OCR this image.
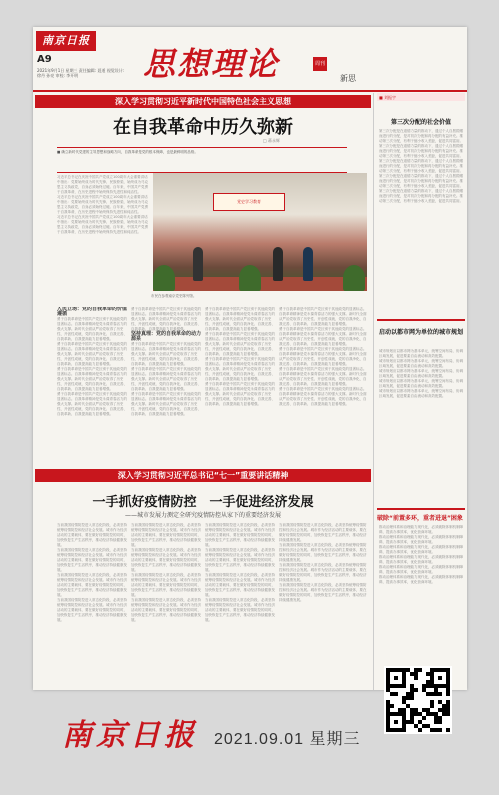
南京日报
A9
2021年9月1日 星期三 责任编辑: 聂道 视觉设计: 徐丹 孙亮 审校: 李开明	思想理论	周刊
新思
深入学习贯彻习近平新时代中国特色社会主义思想
在自我革命中历久弥新
□ 蒋永辉

■ 确立新时代党建的主导思想和战略方向，自我革命是党的根本保障，也是最鲜明的品格。

习近平总书记在庆祝中国共产党成立100周年大会重要讲话中指出：党要始终成为时代先锋、民族脊梁，始终成为马克思主义执政党，自身必须始终过硬。百年来，中国共产党勇于自我革命，在历史进程中始终保持先进性和纯洁性。

习近平总书记在庆祝中国共产党成立100周年大会重要讲话中指出：党要始终成为时代先锋、民族脊梁，始终成为马克思主义执政党，自身必须始终过硬。百年来，中国共产党勇于自我革命，在历史进程中始终保持先进性和纯洁性。

习近平总书记在庆祝中国共产党成立100周年大会重要讲话中指出：党要始终成为时代先锋、民族脊梁，始终成为马克思主义执政党，自身必须始终过硬。百年来，中国共产党勇于自我革命，在历史进程中始终保持先进性和纯洁性。

党史学习教育
市民在参观南京党史陈列馆。

人民立场：党的自我革命的价值遵循

勇于自我革命是中国共产党区别于其他政党的显著标志。自我革命精神是党永葆青春活力的强大支撑。新时代全面从严治党取得了历史性、开创性成就，党的自我净化、自我完善、自我革新、自我提高能力显著增强。

勇于自我革命是中国共产党区别于其他政党的显著标志。自我革命精神是党永葆青春活力的强大支撑。新时代全面从严治党取得了历史性、开创性成就，党的自我净化、自我完善、自我革新、自我提高能力显著增强。

勇于自我革命是中国共产党区别于其他政党的显著标志。自我革命精神是党永葆青春活力的强大支撑。新时代全面从严治党取得了历史性、开创性成就，党的自我净化、自我完善、自我革新、自我提高能力显著增强。

勇于自我革命是中国共产党区别于其他政党的显著标志。自我革命精神是党永葆青春活力的强大支撑。新时代全面从严治党取得了历史性、开创性成就，党的自我净化、自我完善、自我革新、自我提高能力显著增强。

勇于自我革命是中国共产党区别于其他政党的显著标志。自我革命精神是党永葆青春活力的强大支撑。新时代全面从严治党取得了历史性、开创性成就，党的自我净化、自我完善、自我革新、自我提高能力显著增强。

坚持真理：党的自我革命的动力源泉

勇于自我革命是中国共产党区别于其他政党的显著标志。自我革命精神是党永葆青春活力的强大支撑。新时代全面从严治党取得了历史性、开创性成就，党的自我净化、自我完善、自我革新、自我提高能力显著增强。

勇于自我革命是中国共产党区别于其他政党的显著标志。自我革命精神是党永葆青春活力的强大支撑。新时代全面从严治党取得了历史性、开创性成就，党的自我净化、自我完善、自我革新、自我提高能力显著增强。

勇于自我革命是中国共产党区别于其他政党的显著标志。自我革命精神是党永葆青春活力的强大支撑。新时代全面从严治党取得了历史性、开创性成就，党的自我净化、自我完善、自我革新、自我提高能力显著增强。

勇于自我革命是中国共产党区别于其他政党的显著标志。自我革命精神是党永葆青春活力的强大支撑。新时代全面从严治党取得了历史性、开创性成就，党的自我净化、自我完善、自我革新、自我提高能力显著增强。

勇于自我革命是中国共产党区别于其他政党的显著标志。自我革命精神是党永葆青春活力的强大支撑。新时代全面从严治党取得了历史性、开创性成就，党的自我净化、自我完善、自我革新、自我提高能力显著增强。

勇于自我革命是中国共产党区别于其他政党的显著标志。自我革命精神是党永葆青春活力的强大支撑。新时代全面从严治党取得了历史性、开创性成就，党的自我净化、自我完善、自我革新、自我提高能力显著增强。

勇于自我革命是中国共产党区别于其他政党的显著标志。自我革命精神是党永葆青春活力的强大支撑。新时代全面从严治党取得了历史性、开创性成就，党的自我净化、自我完善、自我革新、自我提高能力显著增强。

勇于自我革命是中国共产党区别于其他政党的显著标志。自我革命精神是党永葆青春活力的强大支撑。新时代全面从严治党取得了历史性、开创性成就，党的自我净化、自我完善、自我革新、自我提高能力显著增强。

勇于自我革命是中国共产党区别于其他政党的显著标志。自我革命精神是党永葆青春活力的强大支撑。新时代全面从严治党取得了历史性、开创性成就，党的自我净化、自我完善、自我革新、自我提高能力显著增强。

勇于自我革命是中国共产党区别于其他政党的显著标志。自我革命精神是党永葆青春活力的强大支撑。新时代全面从严治党取得了历史性、开创性成就，党的自我净化、自我完善、自我革新、自我提高能力显著增强。

勇于自我革命是中国共产党区别于其他政党的显著标志。自我革命精神是党永葆青春活力的强大支撑。新时代全面从严治党取得了历史性、开创性成就，党的自我净化、自我完善、自我革新、自我提高能力显著增强。

勇于自我革命是中国共产党区别于其他政党的显著标志。自我革命精神是党永葆青春活力的强大支撑。新时代全面从严治党取得了历史性、开创性成就，党的自我净化、自我完善、自我革新、自我提高能力显著增强。

深入学习贯彻习近平总书记“七一”重要讲话精神
一手抓好疫情防控　一手促进经济发展
——城市发展力测定全研究疫情防控从家下的重要经济发展

当前我国疫情防控进入常态化阶段，必须坚持统筹疫情防控和经济社会发展。城市作为经济活动的主要载体，要在做好疫情防控的同时，加快恢复生产生活秩序，推动经济持续健康发展。

当前我国疫情防控进入常态化阶段，必须坚持统筹疫情防控和经济社会发展。城市作为经济活动的主要载体，要在做好疫情防控的同时，加快恢复生产生活秩序，推动经济持续健康发展。

当前我国疫情防控进入常态化阶段，必须坚持统筹疫情防控和经济社会发展。城市作为经济活动的主要载体，要在做好疫情防控的同时，加快恢复生产生活秩序，推动经济持续健康发展。

当前我国疫情防控进入常态化阶段，必须坚持统筹疫情防控和经济社会发展。城市作为经济活动的主要载体，要在做好疫情防控的同时，加快恢复生产生活秩序，推动经济持续健康发展。

当前我国疫情防控进入常态化阶段，必须坚持统筹疫情防控和经济社会发展。城市作为经济活动的主要载体，要在做好疫情防控的同时，加快恢复生产生活秩序，推动经济持续健康发展。

当前我国疫情防控进入常态化阶段，必须坚持统筹疫情防控和经济社会发展。城市作为经济活动的主要载体，要在做好疫情防控的同时，加快恢复生产生活秩序，推动经济持续健康发展。

当前我国疫情防控进入常态化阶段，必须坚持统筹疫情防控和经济社会发展。城市作为经济活动的主要载体，要在做好疫情防控的同时，加快恢复生产生活秩序，推动经济持续健康发展。

当前我国疫情防控进入常态化阶段，必须坚持统筹疫情防控和经济社会发展。城市作为经济活动的主要载体，要在做好疫情防控的同时，加快恢复生产生活秩序，推动经济持续健康发展。

当前我国疫情防控进入常态化阶段，必须坚持统筹疫情防控和经济社会发展。城市作为经济活动的主要载体，要在做好疫情防控的同时，加快恢复生产生活秩序，推动经济持续健康发展。

当前我国疫情防控进入常态化阶段，必须坚持统筹疫情防控和经济社会发展。城市作为经济活动的主要载体，要在做好疫情防控的同时，加快恢复生产生活秩序，推动经济持续健康发展。

当前我国疫情防控进入常态化阶段，必须坚持统筹疫情防控和经济社会发展。城市作为经济活动的主要载体，要在做好疫情防控的同时，加快恢复生产生活秩序，推动经济持续健康发展。

当前我国疫情防控进入常态化阶段，必须坚持统筹疫情防控和经济社会发展。城市作为经济活动的主要载体，要在做好疫情防控的同时，加快恢复生产生活秩序，推动经济持续健康发展。

当前我国疫情防控进入常态化阶段，必须坚持统筹疫情防控和经济社会发展。城市作为经济活动的主要载体，要在做好疫情防控的同时，加快恢复生产生活秩序，推动经济持续健康发展。

当前我国疫情防控进入常态化阶段，必须坚持统筹疫情防控和经济社会发展。城市作为经济活动的主要载体，要在做好疫情防控的同时，加快恢复生产生活秩序，推动经济持续健康发展。

当前我国疫情防控进入常态化阶段，必须坚持统筹疫情防控和经济社会发展。城市作为经济活动的主要载体，要在做好疫情防控的同时，加快恢复生产生活秩序，推动经济持续健康发展。

当前我国疫情防控进入常态化阶段，必须坚持统筹疫情防控和经济社会发展。城市作为经济活动的主要载体，要在做好疫情防控的同时，加快恢复生产生活秩序，推动经济持续健康发展。

■ 刘振宇
第三次分配的社会价值

第三次分配是在道德力量的推动下，通过个人自愿捐赠而进行的分配，是对初次分配和再分配的有益补充。推动第三次分配，有利于缩小收入差距，促进共同富裕。

第三次分配是在道德力量的推动下，通过个人自愿捐赠而进行的分配，是对初次分配和再分配的有益补充。推动第三次分配，有利于缩小收入差距，促进共同富裕。

第三次分配是在道德力量的推动下，通过个人自愿捐赠而进行的分配，是对初次分配和再分配的有益补充。推动第三次分配，有利于缩小收入差距，促进共同富裕。

第三次分配是在道德力量的推动下，通过个人自愿捐赠而进行的分配，是对初次分配和再分配的有益补充。推动第三次分配，有利于缩小收入差距，促进共同富裕。

第三次分配是在道德力量的推动下，通过个人自愿捐赠而进行的分配，是对初次分配和再分配的有益补充。推动第三次分配，有利于缩小收入差距，促进共同富裕。

启动以都市网为单位的城市规划

城市规划应以都市网为基本单元，统筹空间布局，协调区域发展，促进要素自由流动和高效配置。

城市规划应以都市网为基本单元，统筹空间布局，协调区域发展，促进要素自由流动和高效配置。

城市规划应以都市网为基本单元，统筹空间布局，协调区域发展，促进要素自由流动和高效配置。

城市规划应以都市网为基本单元，统筹空间布局，协调区域发展，促进要素自由流动和高效配置。

城市规划应以都市网为基本单元，统筹空间布局，协调区域发展，促进要素自由流动和高效配置。

破除“前置多环，重者进退”困象

推动治理体系和治理能力现代化，必须破除体制机制障碍，提高办事效率，优化营商环境。

推动治理体系和治理能力现代化，必须破除体制机制障碍，提高办事效率，优化营商环境。

推动治理体系和治理能力现代化，必须破除体制机制障碍，提高办事效率，优化营商环境。

推动治理体系和治理能力现代化，必须破除体制机制障碍，提高办事效率，优化营商环境。

推动治理体系和治理能力现代化，必须破除体制机制障碍，提高办事效率，优化营商环境。

推动治理体系和治理能力现代化，必须破除体制机制障碍，提高办事效率，优化营商环境。

南京日报 2021.09.01 星期三
